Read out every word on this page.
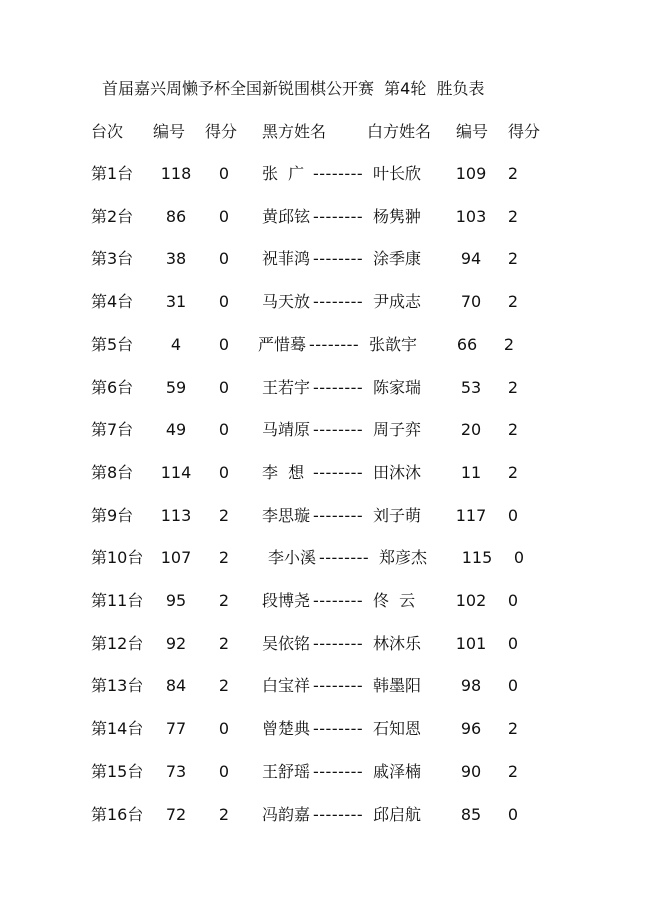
首届嘉兴周懒予杯全国新锐围棋公开赛  第4轮  胜负表
台次 编号 得分 黑方姓名	白方姓名 编号 得分
第1台 118 0 张  广 -------- 叶长欣 109 2
第2台 86 0 黄邱铉 -------- 杨隽翀 103 2
第3台 38 0 祝菲鸿 -------- 涂季康 94 2
第4台 31 0 马天放 -------- 尹成志 70 2
第5台 4 0 严惜蓦 -------- 张歆宇 66 2
第6台 59 0 王若宇 -------- 陈家瑞 53 2
第7台 49 0 马靖原 -------- 周子弈 20 2
第8台 114 0 李  想 -------- 田沐沐 11 2
第9台 113 2 李思璇 -------- 刘子萌 117 0
第10台 107 2 李小溪 -------- 郑彦杰 115 0
第11台 95 2 段博尧 -------- 佟  云	102 0
第12台 92 2 吴依铭 -------- 林沐乐 101 0
第13台 84 2 白宝祥 -------- 韩墨阳 98 0
第14台 77 0 曾楚典 -------- 石知恩 96 2
第15台 73 0 王舒瑶 -------- 戚泽楠 90 2
第16台 72 2 冯韵嘉 -------- 邱启航 85 0
